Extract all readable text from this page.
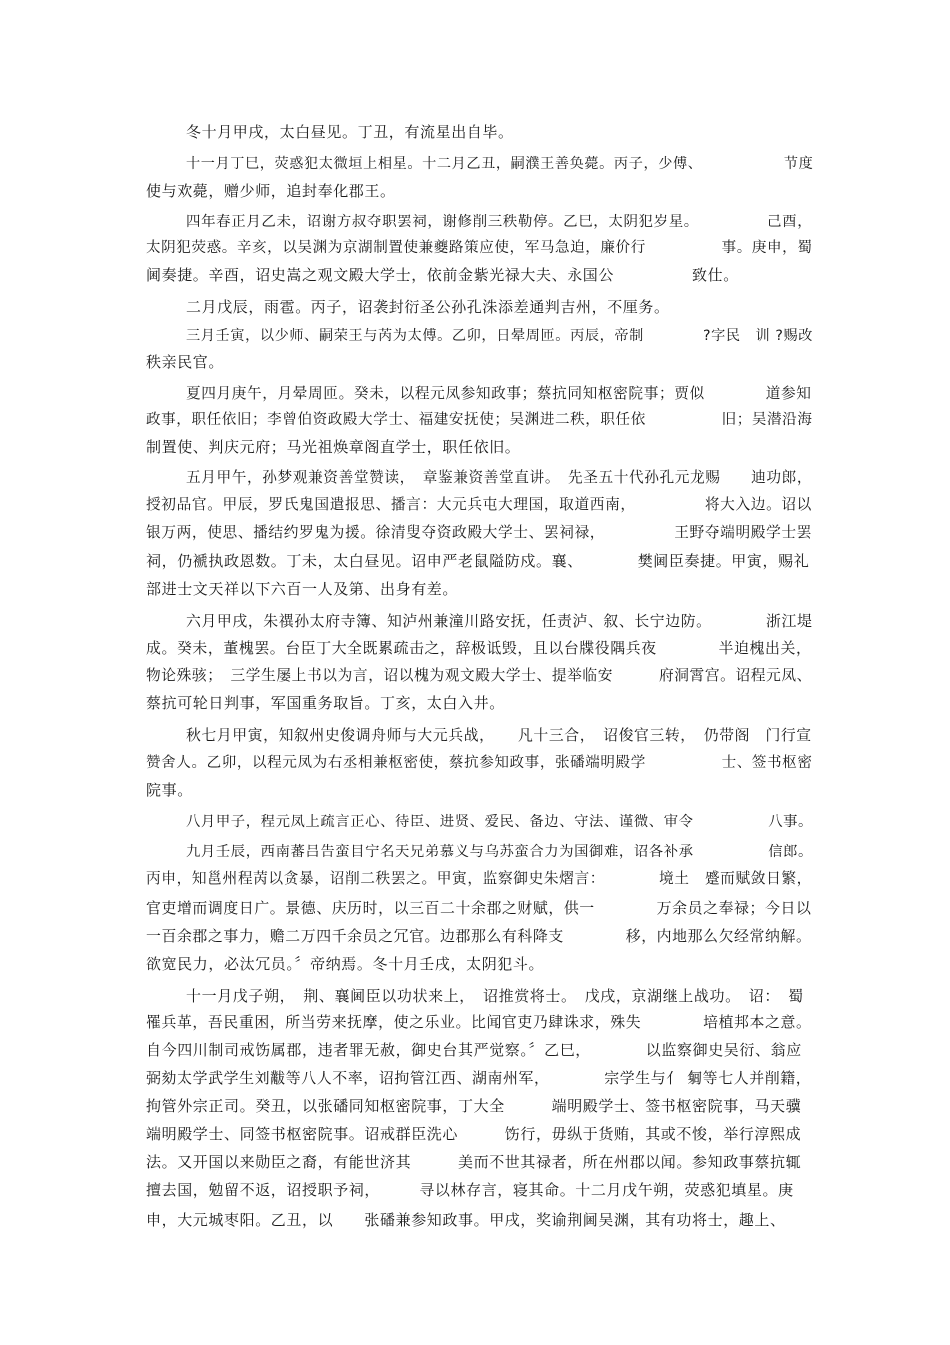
冬十月甲戌，太白昼见。丁丑，有流星出自毕。
十一月丁巳，荧惑犯太微垣上相星。十二月乙丑，嗣濮王善奂薨。丙子，少傅、　　　　　　节度
使与欢薨，赠少师，追封奉化郡王。
四年春正月乙未，诏谢方叔夺职罢祠，谢修削三秩勒停。乙巳，太阴犯岁星。　　　　　己酉，
太阴犯荧惑。辛亥，以吴渊为京湖制置使兼夔路策应使，军马急迫，廉价行　　　　　事。庚申，蜀
阃奏捷。辛酉，诏史嵩之观文殿大学士，依前金紫光禄大夫、永国公　　　　　致仕。
二月戊辰，雨雹。丙子，诏袭封衍圣公孙孔洙添差通判吉州，不厘务。
三月壬寅，以少师、嗣荣王与芮为太傅。乙卯，日晕周匝。丙辰，帝制　　　　?字民　训 ?赐改
秩亲民官。
夏四月庚午，月晕周匝。癸未，以程元凤参知政事；蔡抗同知枢密院事；贾似　　　　道参知
政事，职任依旧；李曾伯资政殿大学士、福建安抚使；吴渊进二秩，职任依　　　　　旧；吴潜沿海
制置使、判庆元府；马光祖焕章阁直学士，职任依旧。
五月甲午，孙梦观兼资善堂赞读，　章鉴兼资善堂直讲。　先圣五十代孙孔元龙赐　　迪功郎，
授初品官。甲辰，罗氏鬼国遣报思、播言：大元兵屯大理国，取道西南，　　　　　将大入边。诏以
银万两，使思、播结约罗鬼为援。徐清叟夺资政殿大学士、罢祠禄，　　　　　王野夺端明殿学士罢
祠，仍褫执政恩数。丁未，太白昼见。诏申严老鼠隘防戍。襄、　　　　樊阃臣奏捷。甲寅，赐礼
部进士文天祥以下六百一人及第、出身有差。
六月甲戌，朱禩孙太府寺簿、知泸州兼潼川路安抚，任责泸、叙、长宁边防。　　　　浙江堤
成。癸未，董槐罢。台臣丁大全既累疏击之，辞极诋毁，且以台牒役隅兵夜　　　　半迫槐出关，
物论殊骇；　三学生屡上书以为言，诏以槐为观文殿大学士、提举临安　　　府洞霄宫。诏程元凤、
蔡抗可轮日判事，军国重务取旨。丁亥，太白入井。
秋七月甲寅，知叙州史俊调舟师与大元兵战，　　凡十三合，　诏俊官三转，　仍带阁　门行宣
赞舍人。乙卯，以程元凤为右丞相兼枢密使，蔡抗参知政事，张磻端明殿学　　　　　士、签书枢密
院事。
八月甲子，程元凤上疏言正心、待臣、进贤、爱民、备边、守法、谨微、审令　　　　　八事。
九月壬辰，西南蕃吕告蛮目宁名天兄弟慕义与乌苏蛮合力为国御难，诏各补承　　　　　信郎。
丙申，知邕州程苪以贪暴，诏削二秩罢之。甲寅，监察御史朱熠言：　　　　境土　蹙而赋敛日繁，
官吏增而调度日广。景德、庆历时，以三百二十余郡之财赋，供一　　　　万余员之奉禄；今日以
一百余郡之事力，赡二万四千余员之冗官。边郡那么有科降支　　　　移，内地那么欠经常纳解。
欲宽民力，必汰冗员。〞帝纳焉。冬十月壬戌，太阴犯斗。
十一月戊子朔，　荆、襄阃臣以功状来上，　诏推赏将士。　戊戌，京湖继上战功。　诏：　蜀
罹兵革，吾民重困，所当劳来抚摩，使之乐业。比闻官吏乃肆诛求，殊失　　　　培植邦本之意。
自今四川制司戒饬属郡，违者罪无赦，御史台其严觉察。〞乙巳，　　　　以监察御史吴衍、翁应
弼劾太学武学生刘黻等八人不率，诏拘管江西、湖南州军，　　　　宗学生与亻 匔等七人并削籍，
拘管外宗正司。癸丑，以张磻同知枢密院事，丁大全　　　端明殿学士、签书枢密院事，马天骥
端明殿学士、同签书枢密院事。诏戒群臣洗心　　　饬行，毋纵于货贿，其或不悛，举行淳熙成
法。又开国以来勋臣之裔，有能世济其　　　美而不世其禄者，所在州郡以闻。参知政事蔡抗辄
擅去国，勉留不返，诏授职予祠，　　　寻以林存言，寝其命。十二月戊午朔，荧惑犯填星。庚
申，大元城枣阳。乙丑，以　　张磻兼参知政事。甲戌，奖谕荆阃吴渊，其有功将士，趣上、
